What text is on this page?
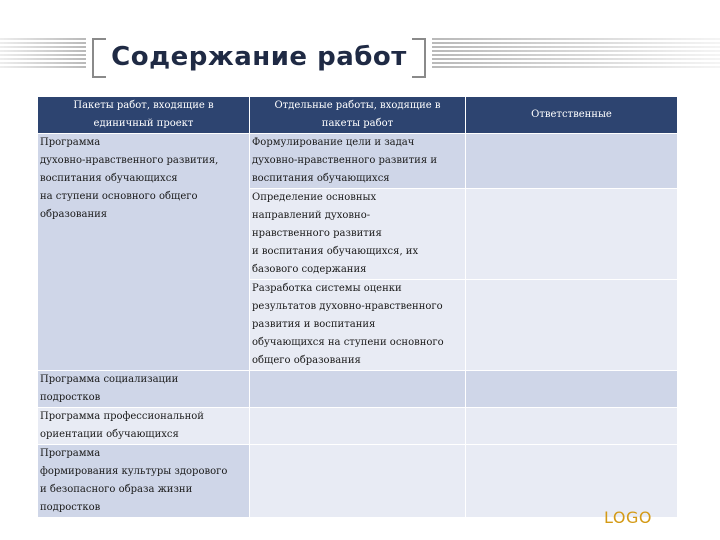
Содержание работ
Пакеты работ, входящие в единичный проект	Отдельные работы, входящие в пакеты работ	Ответственные
Программа
духовно-нравственного развития,
воспитания обучающихся
на ступени основного общего
образования	Формулирование цели и задач
духовно-нравственного развития и
воспитания обучающихся	
	Определение основных
направлений духовно-
нравственного развития
и воспитания обучающихся, их
базового содержания	
	Разработка системы оценки
результатов духовно-нравственного
развития и воспитания
обучающихся на ступени основного
общего образования	
Программа социализации
подростков		
Программа профессиональной
ориентации обучающихся		
Программа
формирования культуры здорового
и безопасного образа жизни
подростков		
LOGO
